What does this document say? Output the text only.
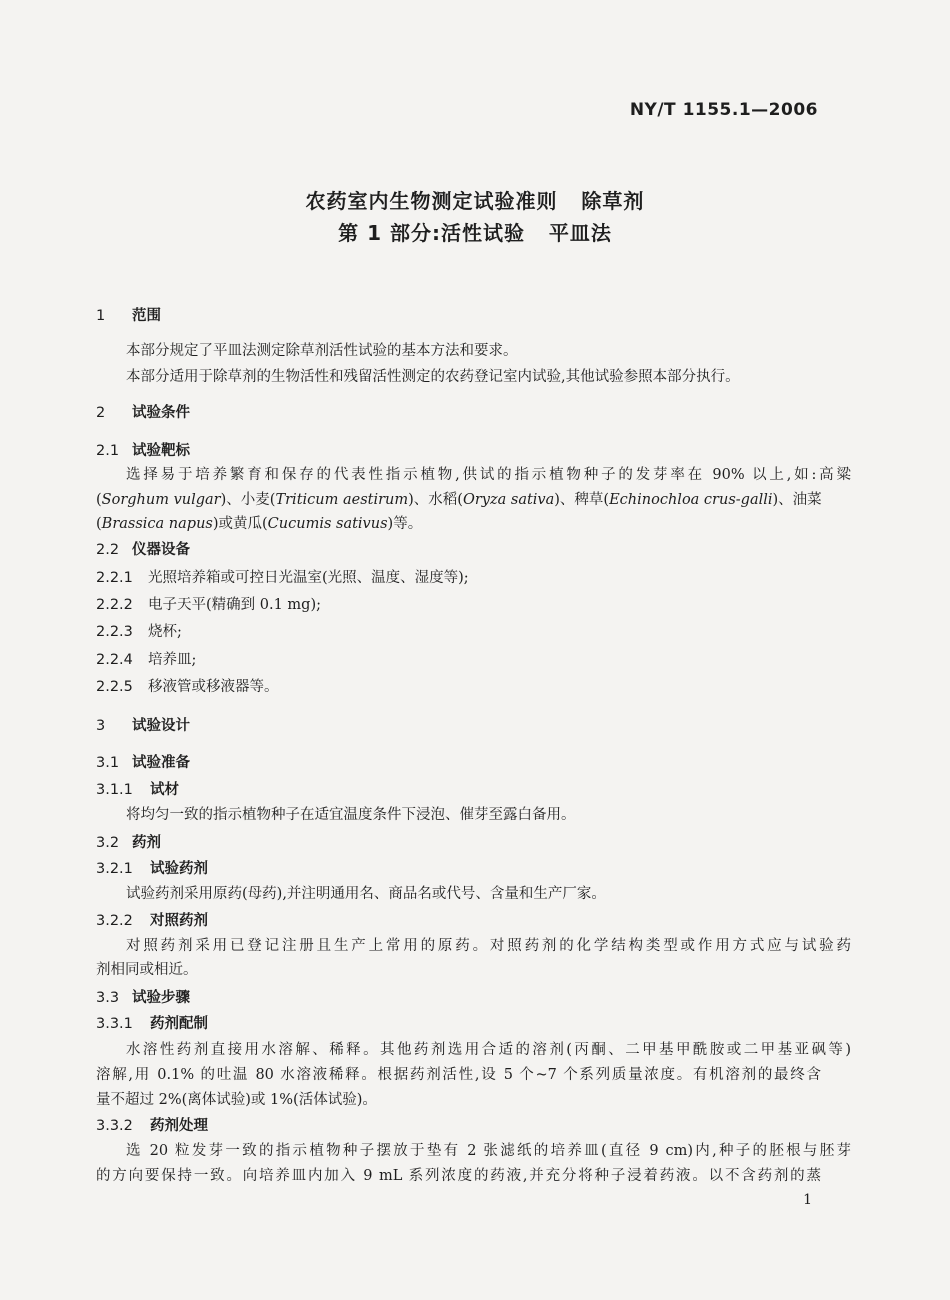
NY/T 1155.1—2006
农药室内生物测定试验准则   除草剂
第 1 部分:活性试验   平皿法
1 范围
本部分规定了平皿法测定除草剂活性试验的基本方法和要求。
本部分适用于除草剂的生物活性和残留活性测定的农药登记室内试验,其他试验参照本部分执行。
2 试验条件
2.1 试验靶标
选择易于培养繁育和保存的代表性指示植物,供试的指示植物种子的发芽率在 90% 以上,如:高粱
(Sorghum vulgar)、小麦(Triticum aestirum)、水稻(Oryza sativa)、稗草(Echinochloa crus-galli)、油菜
(Brassica napus)或黄瓜(Cucumis sativus)等。
2.2 仪器设备
2.2.1 光照培养箱或可控日光温室(光照、温度、湿度等);
2.2.2 电子天平(精确到 0.1 mg);
2.2.3 烧杯;
2.2.4 培养皿;
2.2.5 移液管或移液器等。
3 试验设计
3.1 试验准备
3.1.1 试材
将均匀一致的指示植物种子在适宜温度条件下浸泡、催芽至露白备用。
3.2 药剂
3.2.1 试验药剂
试验药剂采用原药(母药),并注明通用名、商品名或代号、含量和生产厂家。
3.2.2 对照药剂
对照药剂采用已登记注册且生产上常用的原药。对照药剂的化学结构类型或作用方式应与试验药
剂相同或相近。
3.3 试验步骤
3.3.1 药剂配制
水溶性药剂直接用水溶解、稀释。其他药剂选用合适的溶剂(丙酮、二甲基甲酰胺或二甲基亚砜等)
溶解,用 0.1% 的吐温 80 水溶液稀释。根据药剂活性,设 5 个~7 个系列质量浓度。有机溶剂的最终含
量不超过 2%(离体试验)或 1%(活体试验)。
3.3.2 药剂处理
选 20 粒发芽一致的指示植物种子摆放于垫有 2 张滤纸的培养皿(直径 9 cm)内,种子的胚根与胚芽
的方向要保持一致。向培养皿内加入 9 mL 系列浓度的药液,并充分将种子浸着药液。以不含药剂的蒸
1
